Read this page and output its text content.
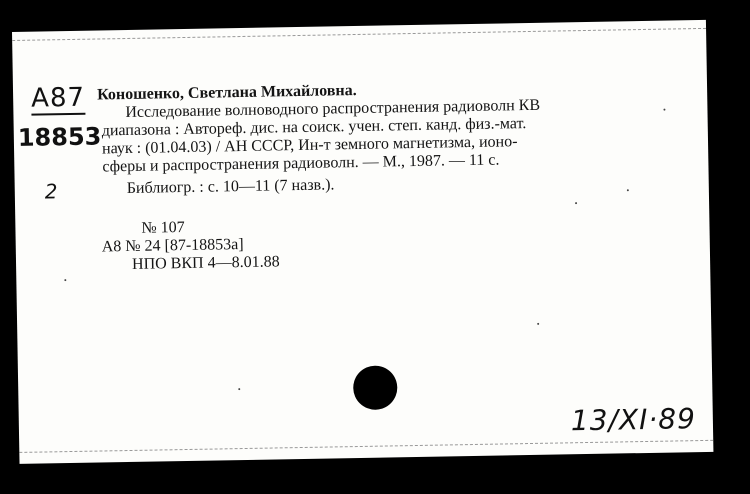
A87
18853
2
Коношенко, Светлана Михайловна.
Исследование волноводного распространения радиоволн КВ
диапазона : Автореф. дис. на соиск. учен. степ. канд. физ.-мат.
наук : (01.04.03) / АН СССР, Ин-т земного магнетизма, ионо-
сферы и распространения радиоволн. — М., 1987. — 11 с.
Библиогр. : с. 10—11 (7 назв.).
№ 107
А8 № 24 [87-18853а]
НПО ВКП 4—8.01.88
13/XI·89
